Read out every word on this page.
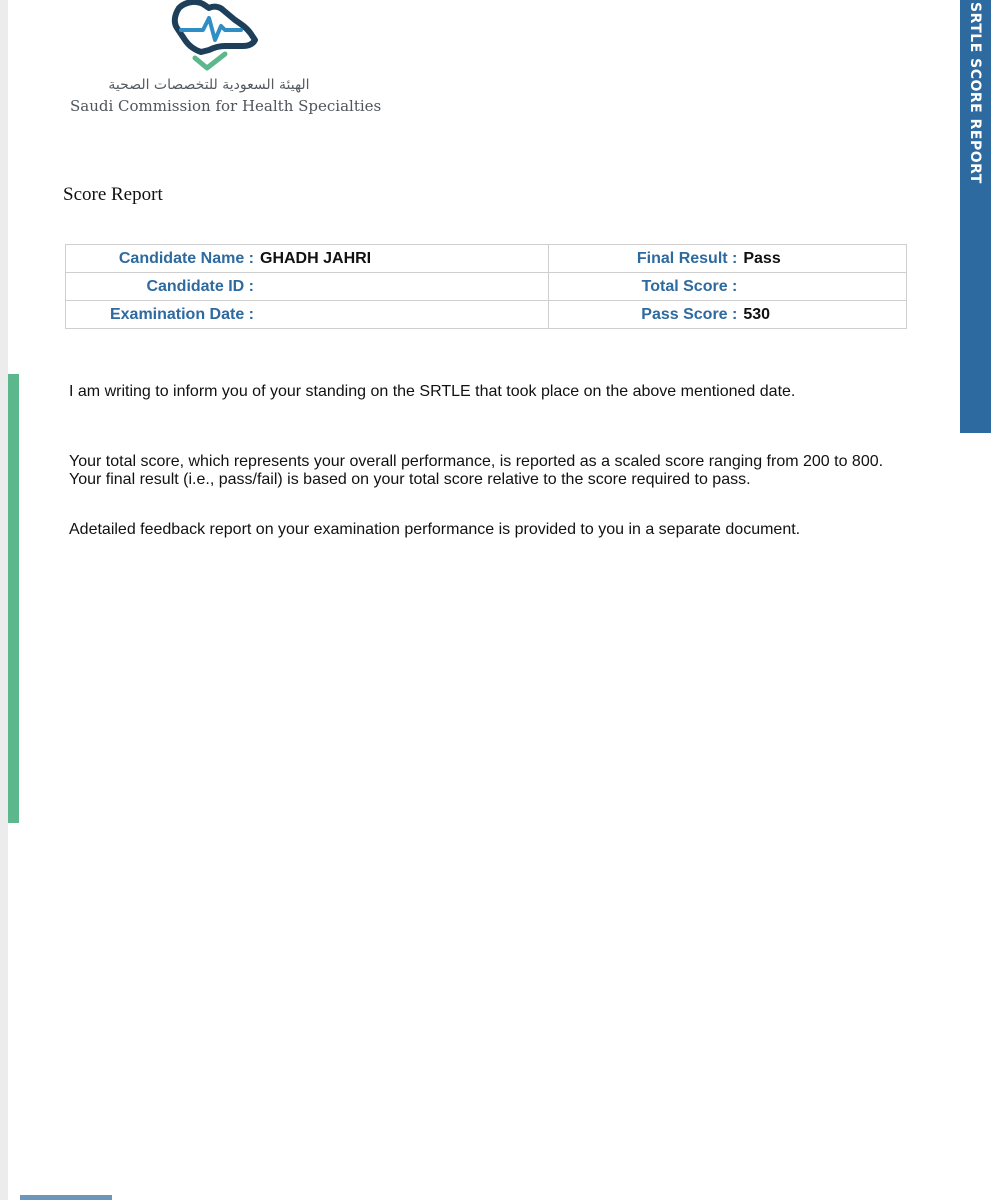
SRTLE SCORE REPORT
الهيئة السعودية للتخصصات الصحية
Saudi Commission for Health Specialties
Score Report
Candidate Name : GHADH JAHRI	Final Result : Pass
Candidate ID :	Total Score :
Examination Date :	Pass Score : 530
I am writing to inform you of your standing on the SRTLE that took place on the above mentioned date.
Your total score, which represents your overall performance, is reported as a scaled score ranging from 200 to 800. Your final result (i.e., pass/fail) is based on your total score relative to the score required to pass.
Adetailed feedback report on your examination performance is provided to you in a separate document.
